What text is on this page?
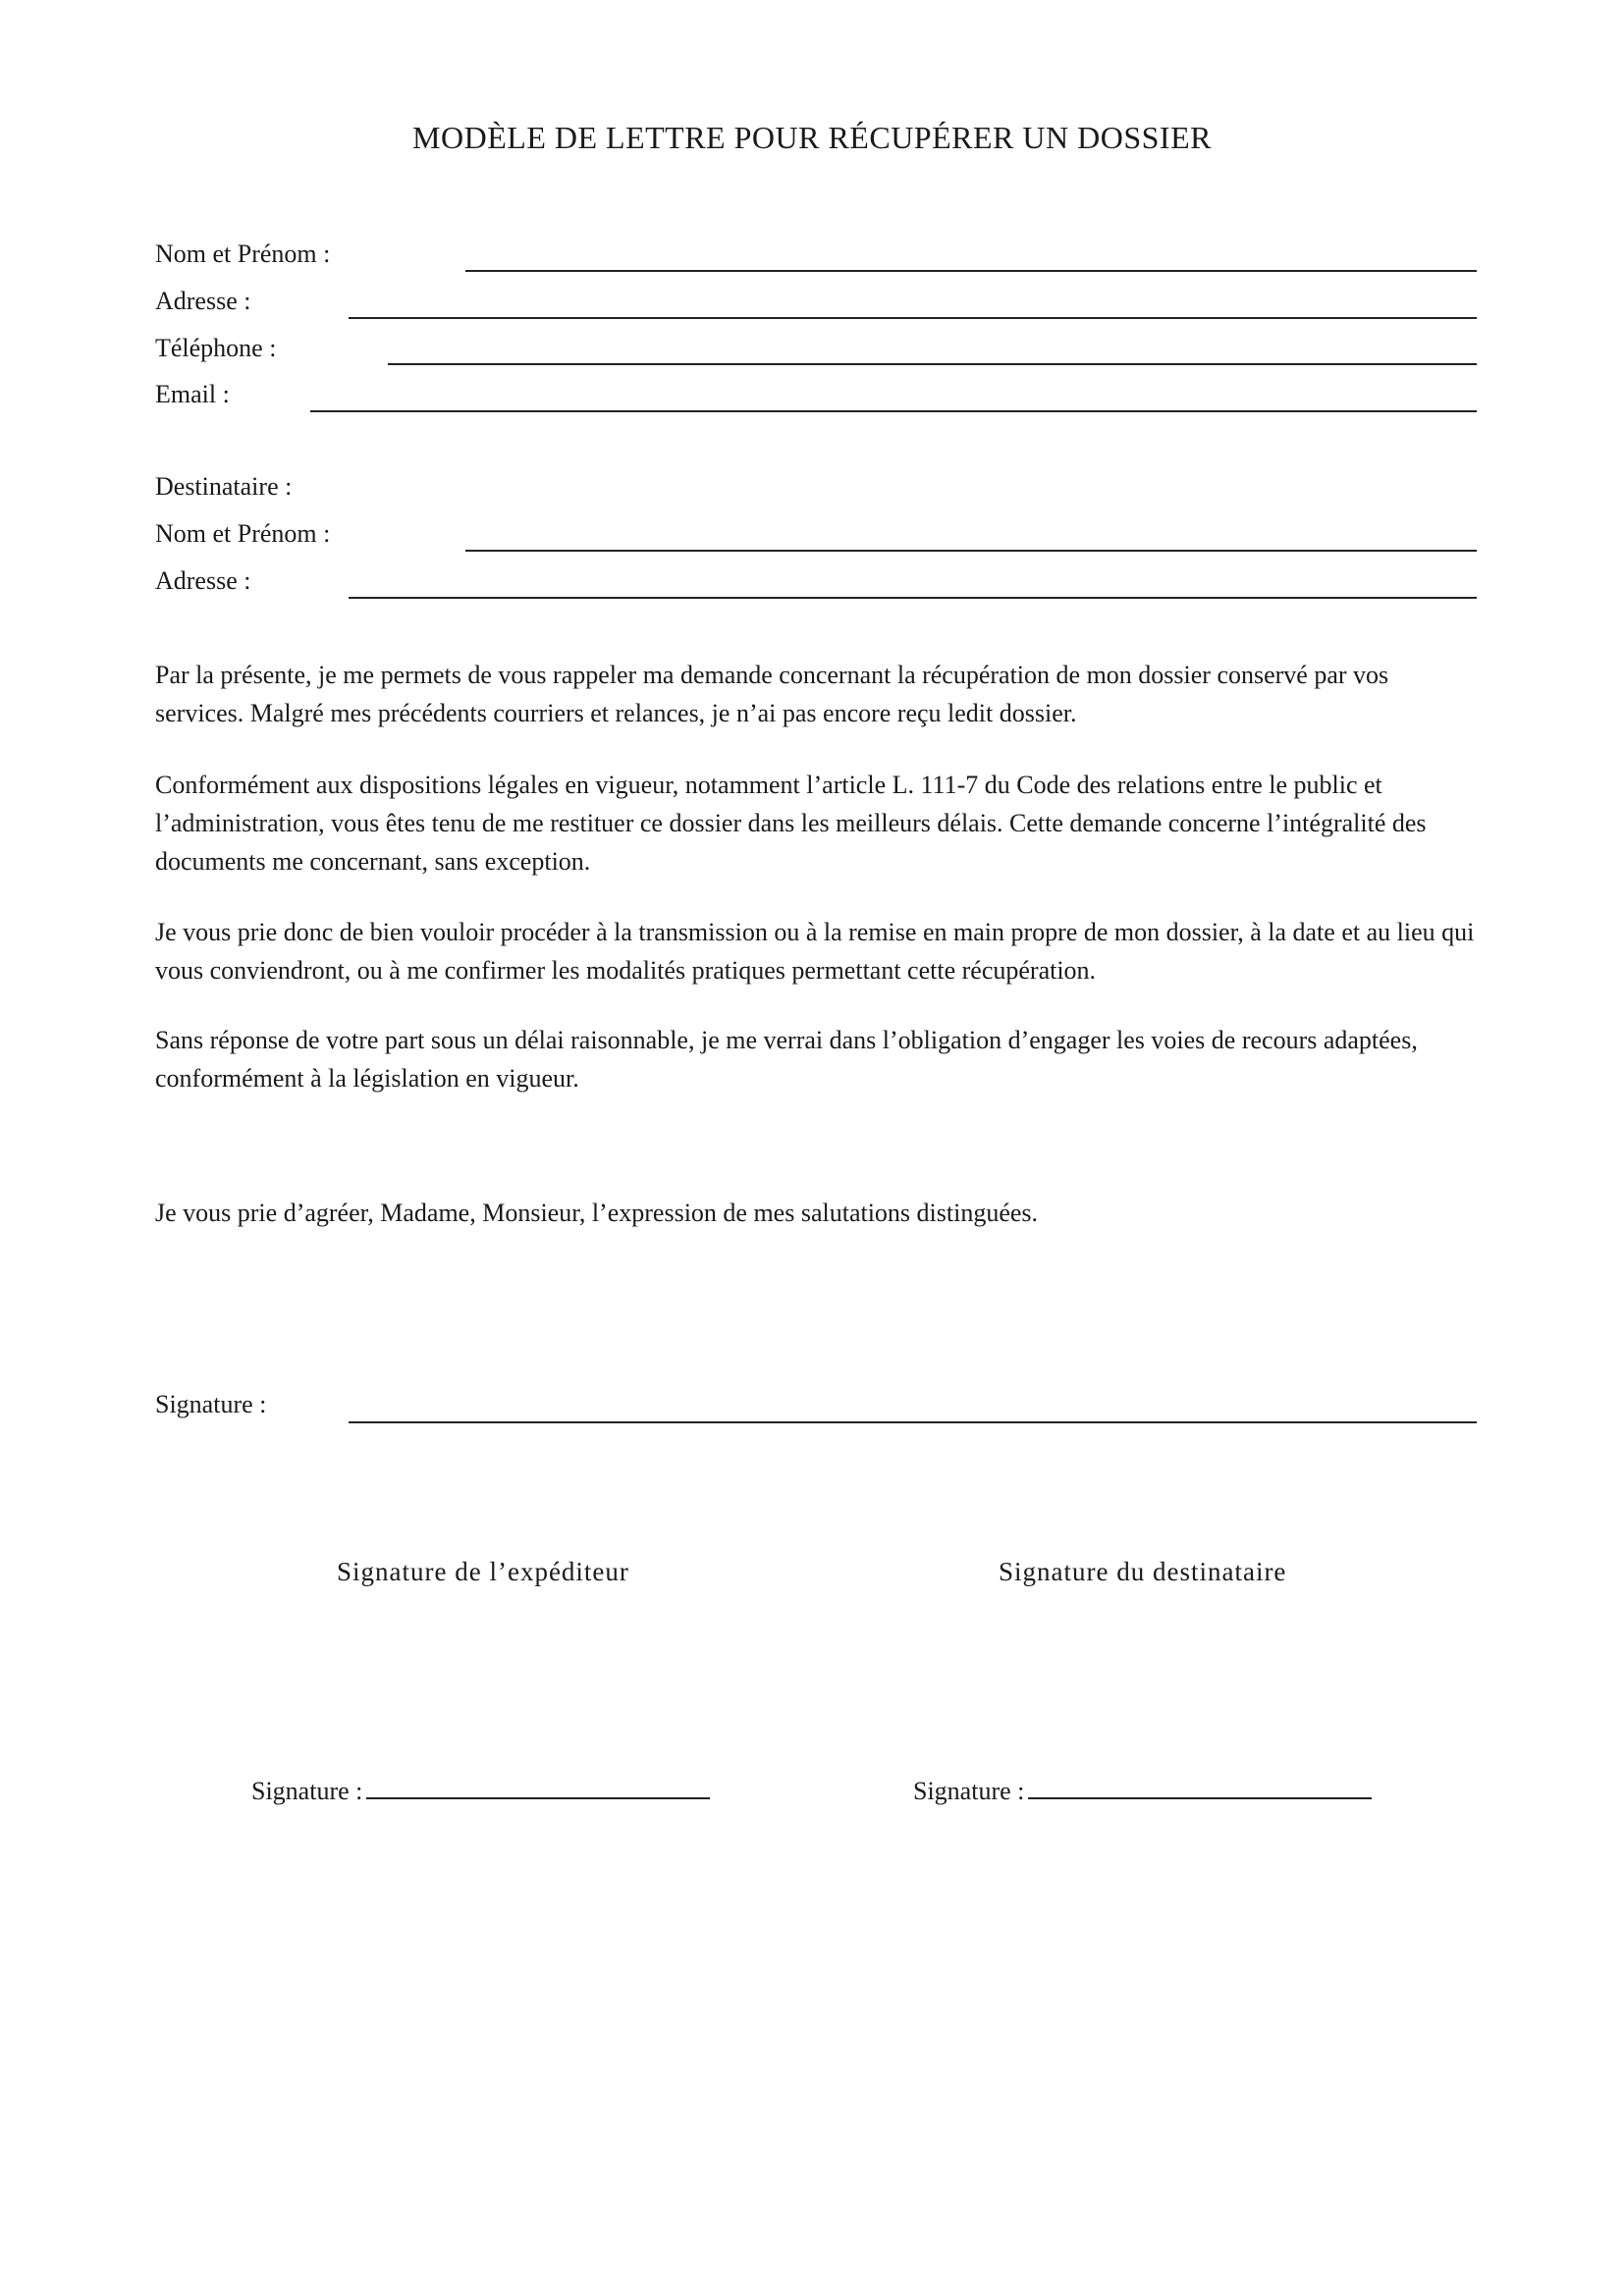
MODÈLE DE LETTRE POUR RÉCUPÉRER UN DOSSIER
Nom et Prénom :
Adresse :
Téléphone :
Email :
Destinataire :
Nom et Prénom :
Adresse :

Par la présente, je me permets de vous rappeler ma demande concernant la récupération de mon dossier conservé par vos services. Malgré mes précédents courriers et relances, je n’ai pas encore reçu ledit dossier.

Conformément aux dispositions légales en vigueur, notamment l’article L. 111-7 du Code des relations entre le public et l’administration, vous êtes tenu de me restituer ce dossier dans les meilleurs délais. Cette demande concerne l’intégralité des documents me concernant, sans exception.

Je vous prie donc de bien vouloir procéder à la transmission ou à la remise en main propre de mon dossier, à la date et au lieu qui vous conviendront, ou à me confirmer les modalités pratiques permettant cette récupération.

Sans réponse de votre part sous un délai raisonnable, je me verrai dans l’obligation d’engager les voies de recours adaptées, conformément à la législation en vigueur.

Je vous prie d’agréer, Madame, Monsieur, l’expression de mes salutations distinguées.

Signature :
Signature de l’expéditeur	Signature du destinataire
Signature :	Signature :
